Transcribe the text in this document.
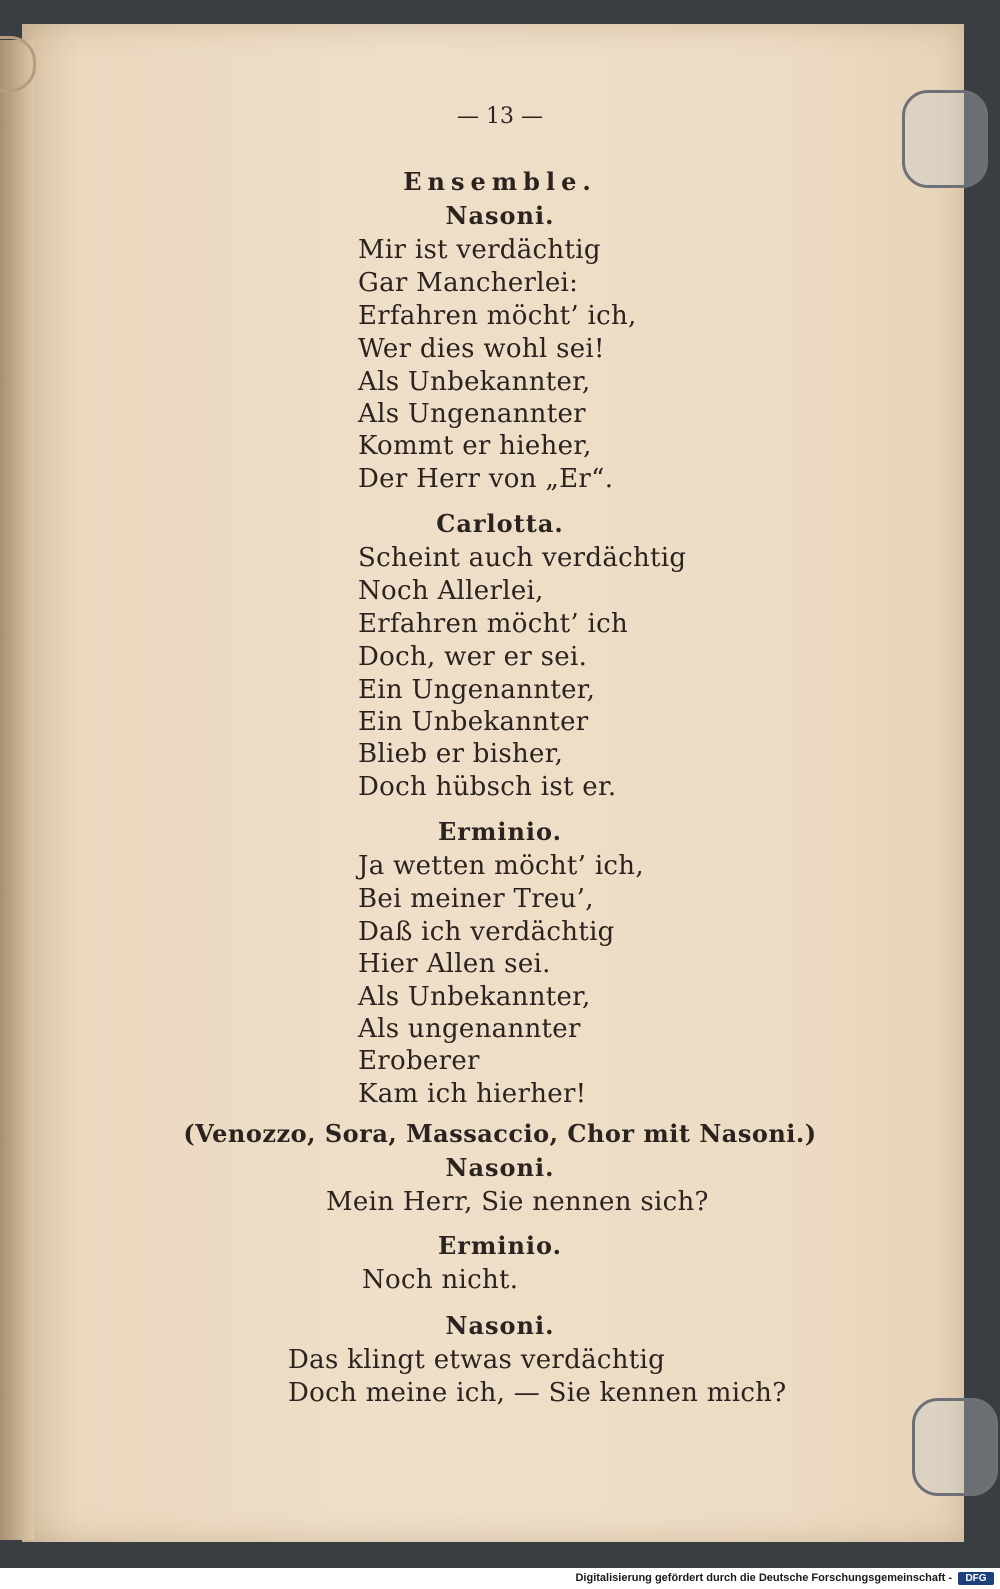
— 13 —
Ensemble.
Nasoni.
Mir ist verdächtig
Gar Mancherlei:
Erfahren möcht’ ich,
Wer dies wohl sei!
Als Unbekannter,
Als Ungenannter
Kommt er hieher,
Der Herr von „Er“.
Carlotta.
Scheint auch verdächtig
Noch Allerlei,
Erfahren möcht’ ich
Doch, wer er sei.
Ein Ungenannter,
Ein Unbekannter
Blieb er bisher,
Doch hübsch ist er.
Erminio.
Ja wetten möcht’ ich,
Bei meiner Treu’,
Daß ich verdächtig
Hier Allen sei.
Als Unbekannter,
Als ungenannter
Eroberer
Kam ich hierher!
(Venozzo, Sora, Massaccio, Chor mit Nasoni.)
Nasoni.
Mein Herr, Sie nennen sich?
Erminio.
Noch nicht.
Nasoni.
Das klingt etwas verdächtig
Doch meine ich, — Sie kennen mich?
Digitalisierung gefördert durch die Deutsche Forschungsgemeinschaft -	DFG
